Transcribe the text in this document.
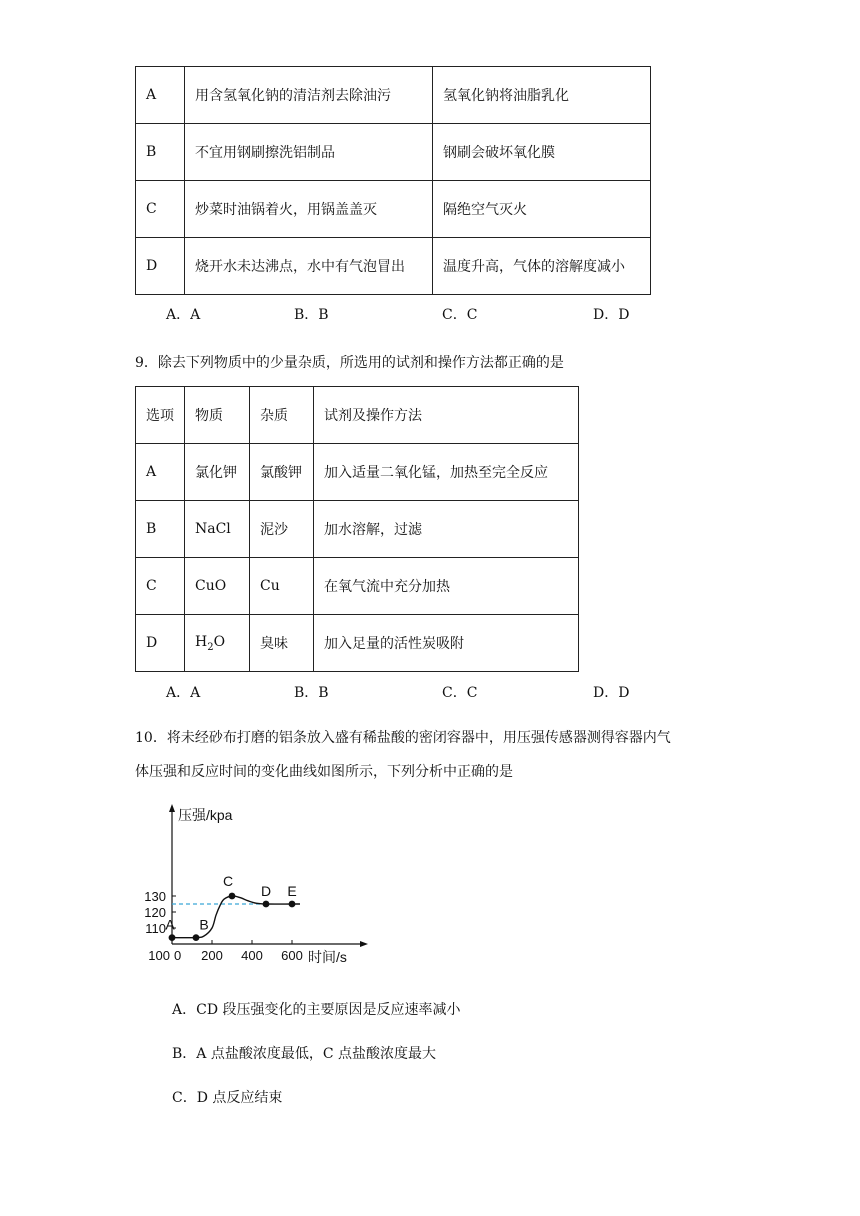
A	用含氢氧化钠的清洁剂去除油污	氢氧化钠将油脂乳化
B	不宜用钢刷擦洗铝制品	钢刷会破坏氧化膜
C	炒菜时油锅着火，用锅盖盖灭	隔绝空气灭火
D	烧开水未达沸点，水中有气泡冒出	温度升高，气体的溶解度减小
A．A	B．B	C．C	D．D
9．除去下列物质中的少量杂质，所选用的试剂和操作方法都正确的是
选项	物质	杂质	试剂及操作方法
A	氯化钾	氯酸钾	加入适量二氧化锰，加热至完全反应
B	NaCl	泥沙	加水溶解，过滤
C	CuO	Cu	在氧气流中充分加热
D	$H_2O$	臭味	加入足量的活性炭吸附
A．A	B．B	C．C	D．D
10．将未经砂布打磨的铝条放入盛有稀盐酸的密闭容器中，用压强传感器测得容器内气
体压强和反应时间的变化曲线如图所示，下列分析中正确的是
压强/kpa
时间/s
0 200 400 600
100
110
120
130
A B
C
D E
A．CD 段压强变化的主要原因是反应速率减小
B．A 点盐酸浓度最低，C 点盐酸浓度最大
C．D 点反应结束
